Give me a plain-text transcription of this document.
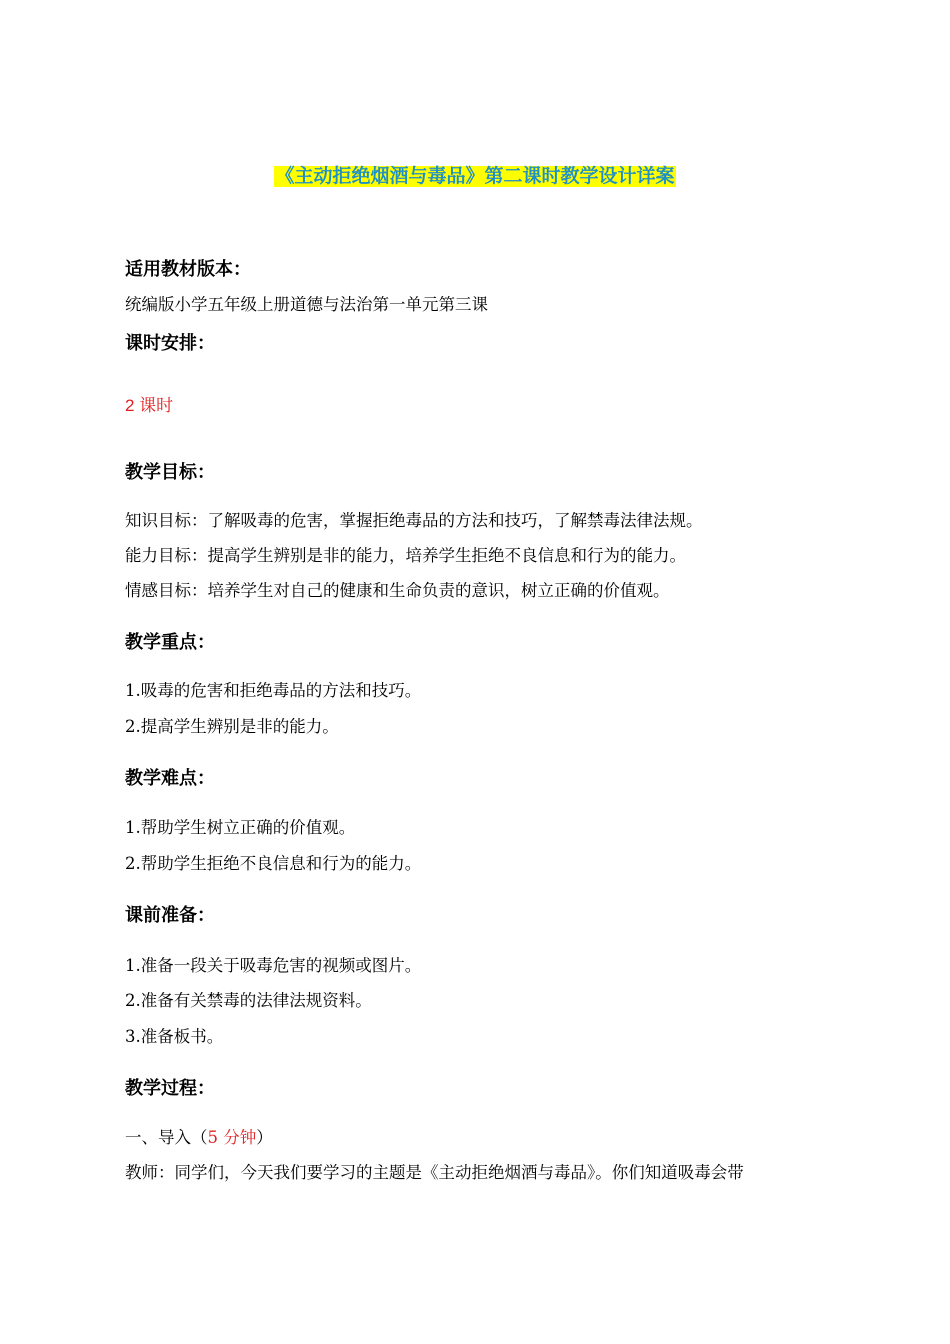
《主动拒绝烟酒与毒品》第二课时教学设计详案
适用教材版本：
统编版小学五年级上册道德与法治第一单元第三课
课时安排：
2 课时
教学目标：
知识目标：了解吸毒的危害，掌握拒绝毒品的方法和技巧，了解禁毒法律法规。
能力目标：提高学生辨别是非的能力，培养学生拒绝不良信息和行为的能力。
情感目标：培养学生对自己的健康和生命负责的意识，树立正确的价值观。
教学重点：
1.吸毒的危害和拒绝毒品的方法和技巧。
2.提高学生辨别是非的能力。
教学难点：
1.帮助学生树立正确的价值观。
2.帮助学生拒绝不良信息和行为的能力。
课前准备：
1.准备一段关于吸毒危害的视频或图片。
2.准备有关禁毒的法律法规资料。
3.准备板书。
教学过程：
一、导入（5 分钟）
教师：同学们，今天我们要学习的主题是《主动拒绝烟酒与毒品》。你们知道吸毒会带
